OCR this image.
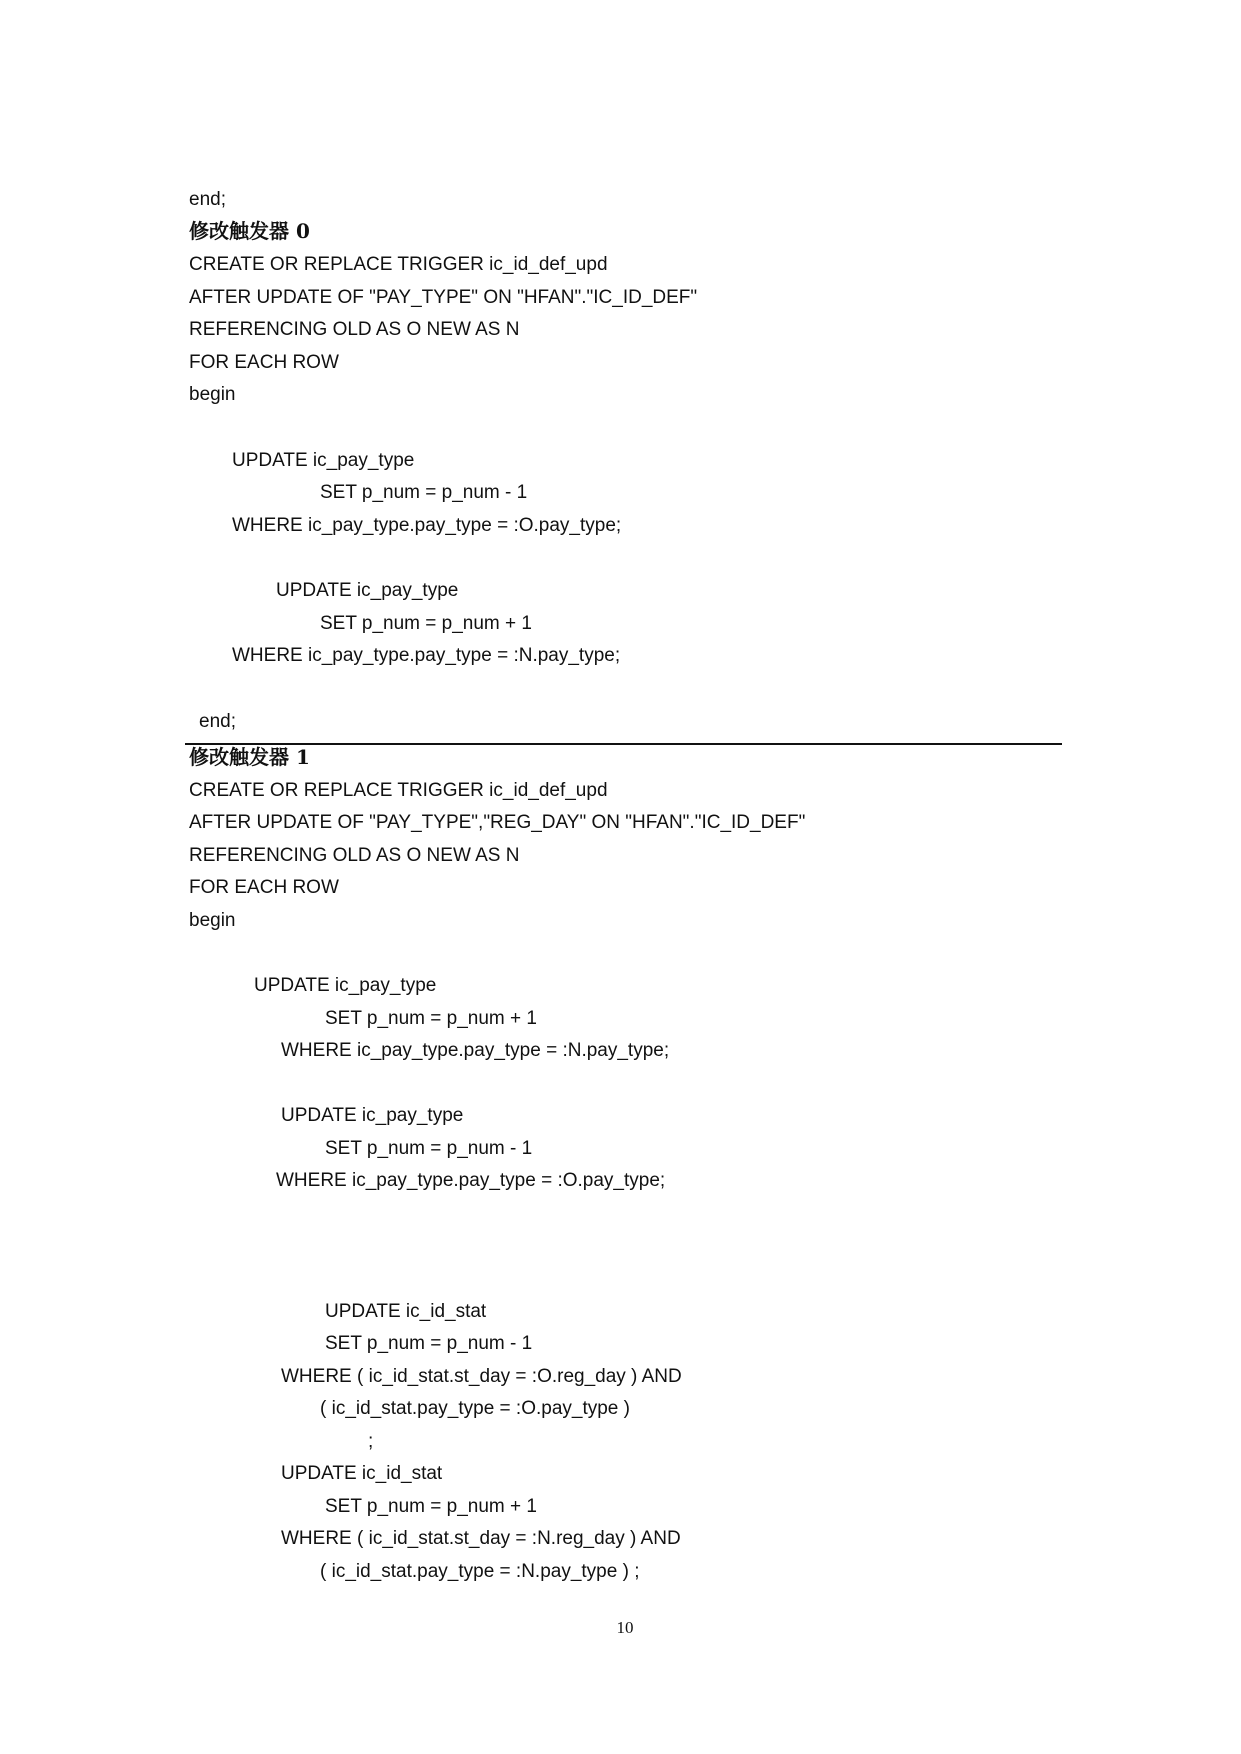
end;
修改触发器 0
CREATE OR REPLACE TRIGGER ic_id_def_upd
AFTER UPDATE OF "PAY_TYPE" ON "HFAN"."IC_ID_DEF"
REFERENCING OLD AS O NEW AS N
FOR EACH ROW
begin
UPDATE ic_pay_type
SET p_num = p_num - 1
WHERE ic_pay_type.pay_type = :O.pay_type;
UPDATE ic_pay_type
SET p_num = p_num + 1
WHERE ic_pay_type.pay_type = :N.pay_type;
end;
修改触发器 1
CREATE OR REPLACE TRIGGER ic_id_def_upd
AFTER UPDATE OF "PAY_TYPE","REG_DAY" ON "HFAN"."IC_ID_DEF"
REFERENCING OLD AS O NEW AS N
FOR EACH ROW
begin
UPDATE ic_pay_type
SET p_num = p_num + 1
WHERE ic_pay_type.pay_type = :N.pay_type;
UPDATE ic_pay_type
SET p_num = p_num - 1
WHERE ic_pay_type.pay_type = :O.pay_type;
UPDATE ic_id_stat
SET p_num = p_num - 1
WHERE ( ic_id_stat.st_day = :O.reg_day ) AND
( ic_id_stat.pay_type = :O.pay_type )
;
UPDATE ic_id_stat
SET p_num = p_num + 1
WHERE ( ic_id_stat.st_day = :N.reg_day ) AND
( ic_id_stat.pay_type = :N.pay_type ) ;
10
